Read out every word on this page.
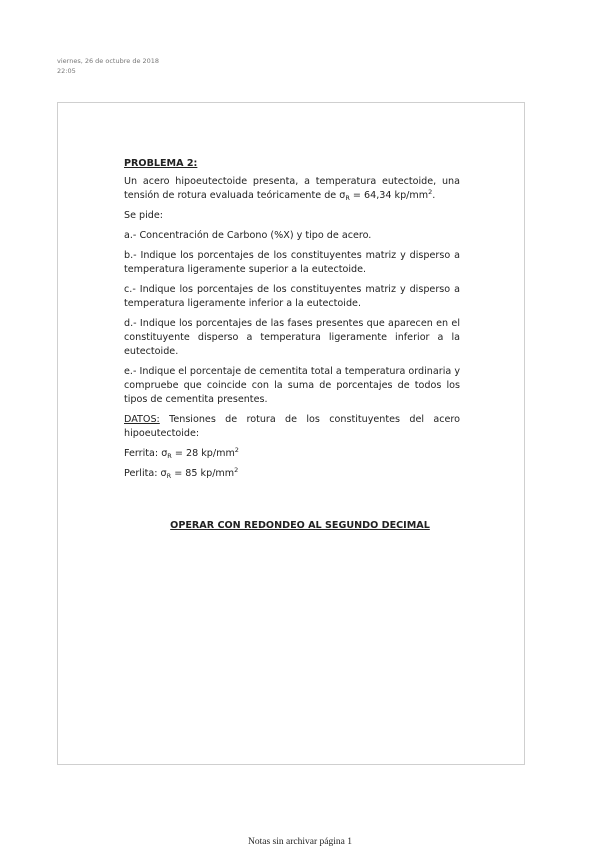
viernes, 26 de octubre de 2018
22:05

PROBLEMA 2:

Un acero hipoeutectoide presenta, a temperatura eutectoide, una tensión de rotura evaluada teóricamente de $\sigma_R = 64,34$ $kp/mm^2$.

Se pide:

a.- Concentración de Carbono (%X) y tipo de acero.

b.- Indique los porcentajes de los constituyentes matriz y disperso a temperatura ligeramente superior a la eutectoide.

c.- Indique los porcentajes de los constituyentes matriz y disperso a temperatura ligeramente inferior a la eutectoide.

d.- Indique los porcentajes de las fases presentes que aparecen en el constituyente disperso a temperatura ligeramente inferior a la eutectoide.

e.- Indique el porcentaje de cementita total a temperatura ordinaria y compruebe que coincide con la suma de porcentajes de todos los tipos de cementita presentes.

DATOS: Tensiones de rotura de los constituyentes del acero hipoeutectoide:

Ferrita: $\sigma_R = 28$ $kp/mm^2$

Perlita: $\sigma_R = 85$ $kp/mm^2$

OPERAR CON REDONDEO AL SEGUNDO DECIMAL
Notas sin archivar página 1
